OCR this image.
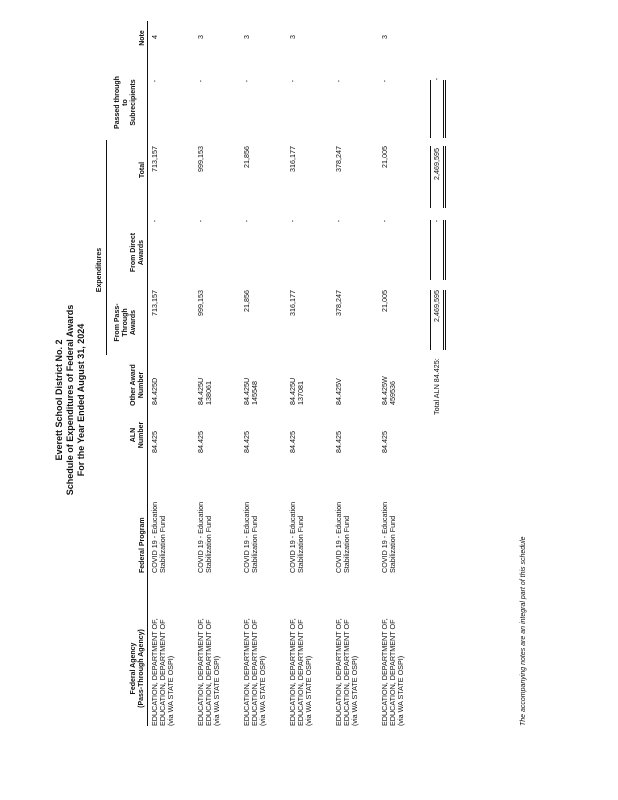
Everett School District No. 2 Schedule of Expenditures of Federal Awards For the Year Ended August 31, 2024
Expenditures
Federal Agency
(Pass-Through Agency)
Federal Program
ALN
Number
Other Award
Number
From Pass-
Through
Awards
From Direct
Awards
Total
Passed through
to
Subrecipients
Note
EDUCATION, DEPARTMENT OF, EDUCATION, DEPARTMENT OF (via WA STATE OSPI)
COVID 19 - Education Stabilization Fund
84.425
84.425D
713,157
-
713,157
-
4
EDUCATION, DEPARTMENT OF, EDUCATION, DEPARTMENT OF (via WA STATE OSPI)
COVID 19 - Education Stabilization Fund
84.425
84.425U 138061
999,153
-
999,153
-
3
EDUCATION, DEPARTMENT OF, EDUCATION, DEPARTMENT OF (via WA STATE OSPI)
COVID 19 - Education Stabilization Fund
84.425
84.425U 145548
21,856
-
21,856
-
3
EDUCATION, DEPARTMENT OF, EDUCATION, DEPARTMENT OF (via WA STATE OSPI)
COVID 19 - Education Stabilization Fund
84.425
84.425U 137081
316,177
-
316,177
-
3
EDUCATION, DEPARTMENT OF, EDUCATION, DEPARTMENT OF (via WA STATE OSPI)
COVID 19 - Education Stabilization Fund
84.425
84.425V
378,247
-
378,247
-
EDUCATION, DEPARTMENT OF, EDUCATION, DEPARTMENT OF (via WA STATE OSPI)
COVID 19 - Education Stabilization Fund
84.425
84.425W 459536
21,005
-
21,005
-
3
Total ALN 84.425:
2,469,595
-
2,469,595
-
The accompanying notes are an integral part of this schedule
